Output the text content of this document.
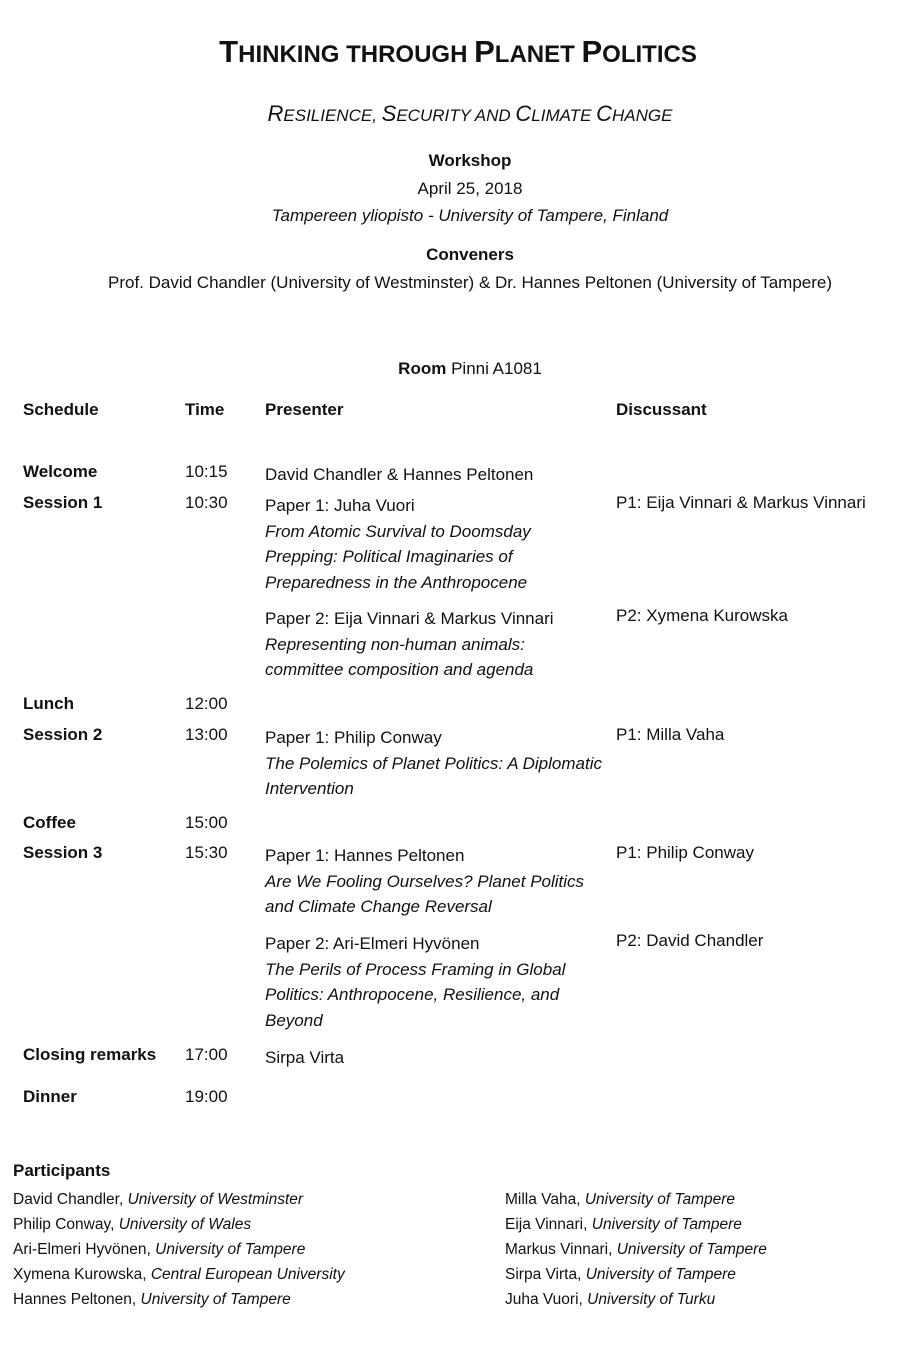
THINKING THROUGH PLANET POLITICS
RESILIENCE, SECURITY AND CLIMATE CHANGE
Workshop
April 25, 2018
Tampereen yliopisto - University of Tampere, Finland
Conveners
Prof. David Chandler (University of Westminster) & Dr. Hannes Peltonen (University of Tampere)
Room Pinni A1081
Schedule	Time Presenter	Discussant
Welcome	10:15 David Chandler & Hannes Peltonen
Session 1	10:30 Paper 1: Juha Vuori
From Atomic Survival to Doomsday Prepping: Political Imaginaries of Preparedness in the Anthropocene
P1: Eija Vinnari & Markus Vinnari
Paper 2: Eija Vinnari & Markus Vinnari
Representing non-human animals: committee composition and agenda
P2: Xymena Kurowska
Lunch	12:00
Session 2	13:00 Paper 1: Philip Conway
The Polemics of Planet Politics: A Diplomatic Intervention
P1: Milla Vaha
Coffee	15:00
Session 3	15:30 Paper 1: Hannes Peltonen
Are We Fooling Ourselves? Planet Politics and Climate Change Reversal
P1: Philip Conway
Paper 2: Ari-Elmeri Hyvönen
The Perils of Process Framing in Global Politics: Anthropocene, Resilience, and Beyond
P2: David Chandler
Closing remarks 17:00 Sirpa Virta
Dinner	19:00
Participants
David Chandler, University of Westminster
Philip Conway, University of Wales
Ari-Elmeri Hyvönen, University of Tampere
Xymena Kurowska, Central European University
Hannes Peltonen, University of Tampere
Milla Vaha, University of Tampere
Eija Vinnari, University of Tampere
Markus Vinnari, University of Tampere
Sirpa Virta, University of Tampere
Juha Vuori, University of Turku
